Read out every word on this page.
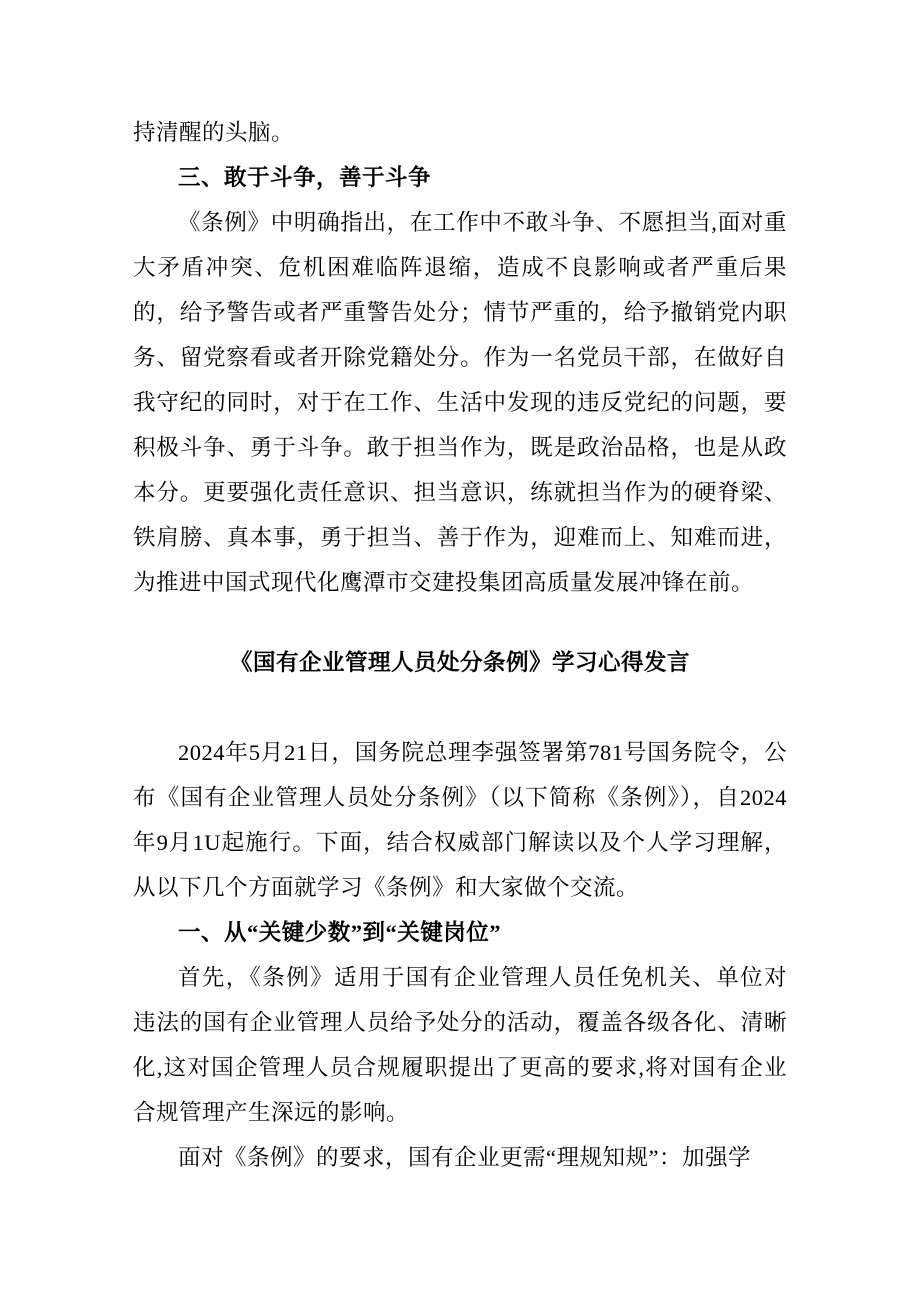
持清醒的头脑。

三、敢于斗争，善于斗争

《条例》中明确指出，在工作中不敢斗争、不愿担当,面对重大矛盾冲突、危机困难临阵退缩，造成不良影响或者严重后果的，给予警告或者严重警告处分；情节严重的，给予撤销党内职务、留党察看或者开除党籍处分。作为一名党员干部，在做好自我守纪的同时，对于在工作、生活中发现的违反党纪的问题，要积极斗争、勇于斗争。敢于担当作为，既是政治品格，也是从政本分。更要强化责任意识、担当意识，练就担当作为的硬脊梁、铁肩膀、真本事，勇于担当、善于作为，迎难而上、知难而进，为推进中国式现代化鹰潭市交建投集团高质量发展冲锋在前。

《国有企业管理人员处分条例》学习心得发言

2024年5月21日，国务院总理李强签署第781号国务院令，公布《国有企业管理人员处分条例》（以下简称《条例》），自2024年9月1U起施行。下面，结合权威部门解读以及个人学习理解，从以下几个方面就学习《条例》和大家做个交流。

一、从“关键少数”到“关键岗位”

首先，《条例》适用于国有企业管理人员任免机关、单位对违法的国有企业管理人员给予处分的活动，覆盖各级各化、清晰化,这对国企管理人员合规履职提出了更高的要求,将对国有企业合规管理产生深远的影响。

面对《条例》的要求，国有企业更需“理规知规”：加强学
